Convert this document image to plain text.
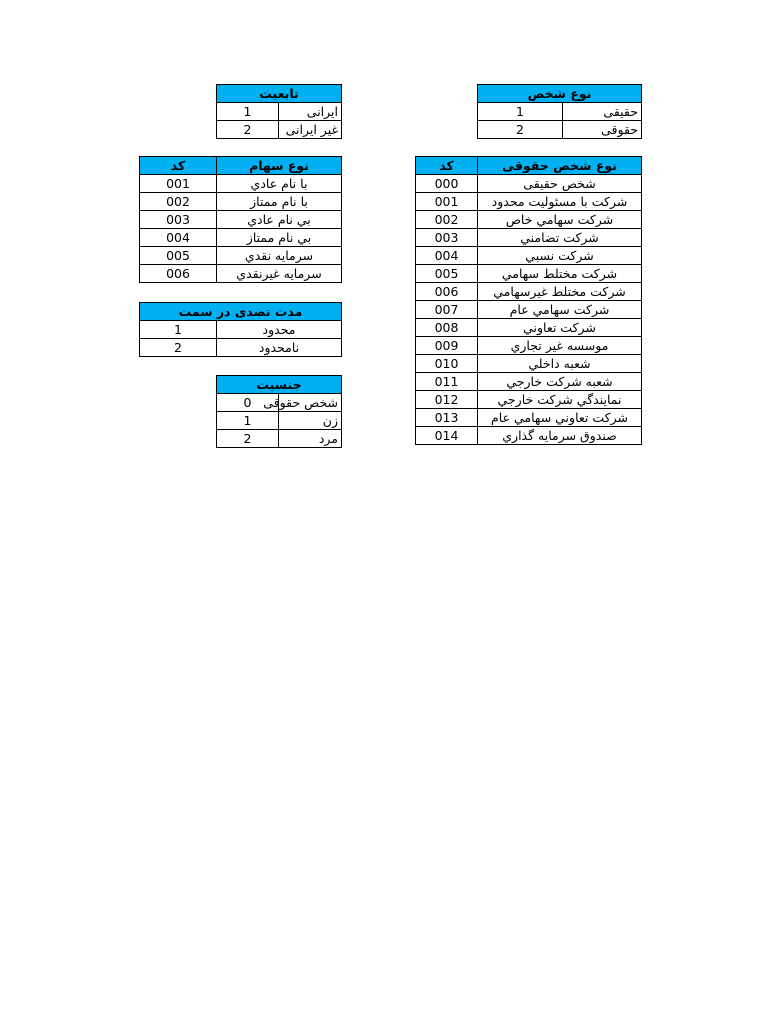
تابعیت	
1	ایرانی
2	غیر ایرانی
نوع شخص	
1	حقیقی
2	حقوقی
کد	نوع سهام
001	با نام عادي
002	با نام ممتاز
003	بي نام عادي
004	بي نام ممتاز
005	سرمايه نقدي
006	سرمايه غيرنقدي
کد	نوع شخص حقوقی
000	شخص حقیقی
001	شركت با مسئوليت محدود
002	شركت سهامي خاص
003	شركت تضامني
004	شركت نسبي
005	شركت مختلط سهامي
006	شركت مختلط غيرسهامي
007	شركت سهامي عام
008	شركت تعاوني
009	موسسه غير تجاري
010	شعبه داخلي
011	شعبه شركت خارجي
012	نمايندگي شركت خارجي
013	شركت تعاوني سهامي عام
014	صندوق سرمايه گذاري
مدت تصدی در سمت	
1	محدود
2	نامحدود
جنسیت	
0	شخص حقوقی
1	زن
2	مرد
